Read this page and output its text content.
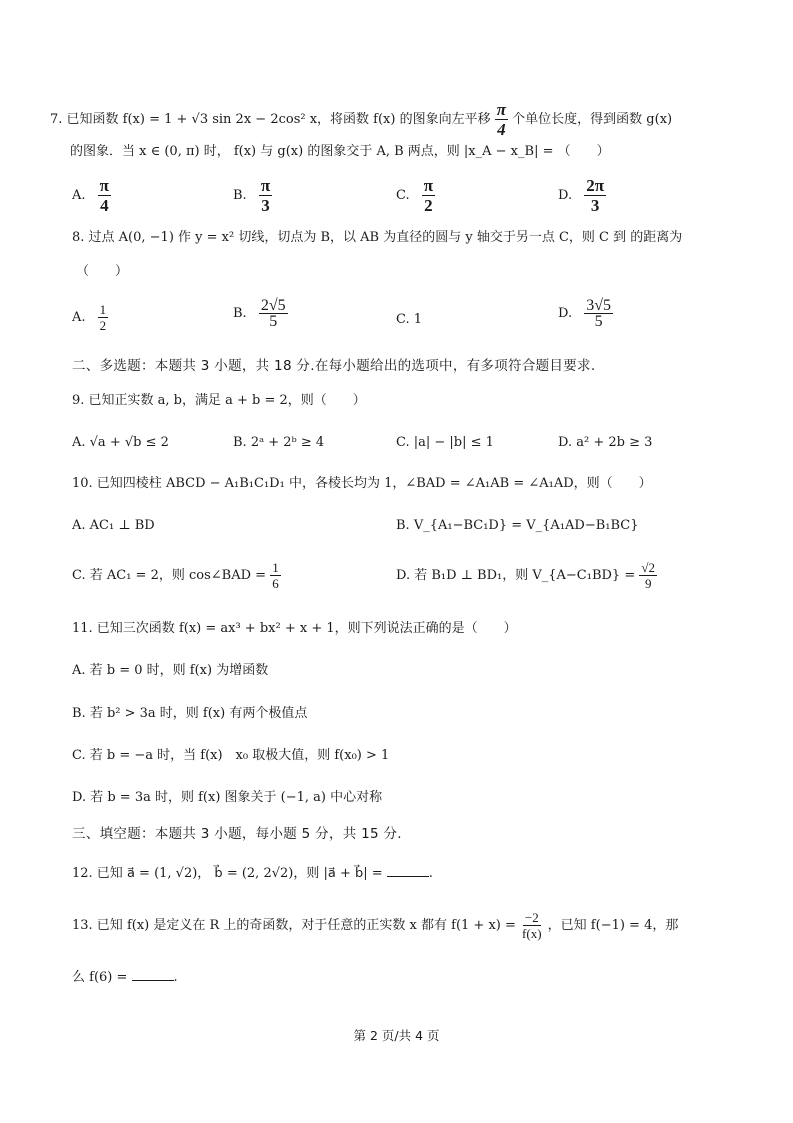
7. 已知函数 f(x) = 1 + √3 sin 2x − 2cos² x，将函数 f(x) 的图象向左平移 $\frac{\pi}{4}$ 个单位长度，得到函数 g(x)
的图象．当 x ∈ (0, π) 时， f(x) 与 g(x) 的图象交于 A, B 两点，则 |x_A − x_B| = （　　）
A. $\frac{\pi}{4}$	B. $\frac{\pi}{3}$	C. $\frac{\pi}{2}$	D. $\frac{2\pi}{3}$
8. 过点 A(0, −1) 作 y = x² 切线，切点为 B，以 AB 为直径的圆与 y 轴交于另一点 C，则 C 到 的距离为
（　　）
A. $\frac{1}{2}$	B. $\frac{2√5}{5}$	C. 1	D. $\frac{3√5}{5}$
二、多选题：本题共 3 小题，共 18 分.在每小题给出的选项中，有多项符合题目要求.
9. 已知正实数 a, b，满足 a + b = 2，则（　　）
A. √a + √b ≤ 2	B. 2ᵃ + 2ᵇ ≥ 4	C. |a| − |b| ≤ 1	D. a² + 2b ≥ 3
10. 已知四棱柱 ABCD − A₁B₁C₁D₁ 中，各棱长均为 1，∠BAD = ∠A₁AB = ∠A₁AD，则（　　）
A. AC₁ ⊥ BD	B. V_{A₁−BC₁D} = V_{A₁AD−B₁BC}
C. 若 AC₁ = 2，则 cos∠BAD = $\frac{1}{6}$	D. 若 B₁D ⊥ BD₁，则 V_{A−C₁BD} = $\frac{√2}{9}$
11. 已知三次函数 f(x) = ax³ + bx² + x + 1，则下列说法正确的是（　　）
A. 若 b = 0 时，则 f(x) 为增函数
B. 若 b² > 3a 时，则 f(x) 有两个极值点
C. 若 b = −a 时，当 f(x)　x₀ 取极大值，则 f(x₀) > 1
D. 若 b = 3a 时，则 f(x) 图象关于 (−1, a) 中心对称
三、填空题：本题共 3 小题，每小题 5 分，共 15 分.
12. 已知 a⃗ = (1, √2)， b⃗ = (2, 2√2)，则 |a⃗ + b⃗| =	.
13. 已知 f(x) 是定义在 R 上的奇函数，对于任意的正实数 x 都有 $f(1 + x) = \frac{-2}{f(x)}$ ，已知 f(−1) = 4，那
么 f(6) =	.
第 2 页/共 4 页
